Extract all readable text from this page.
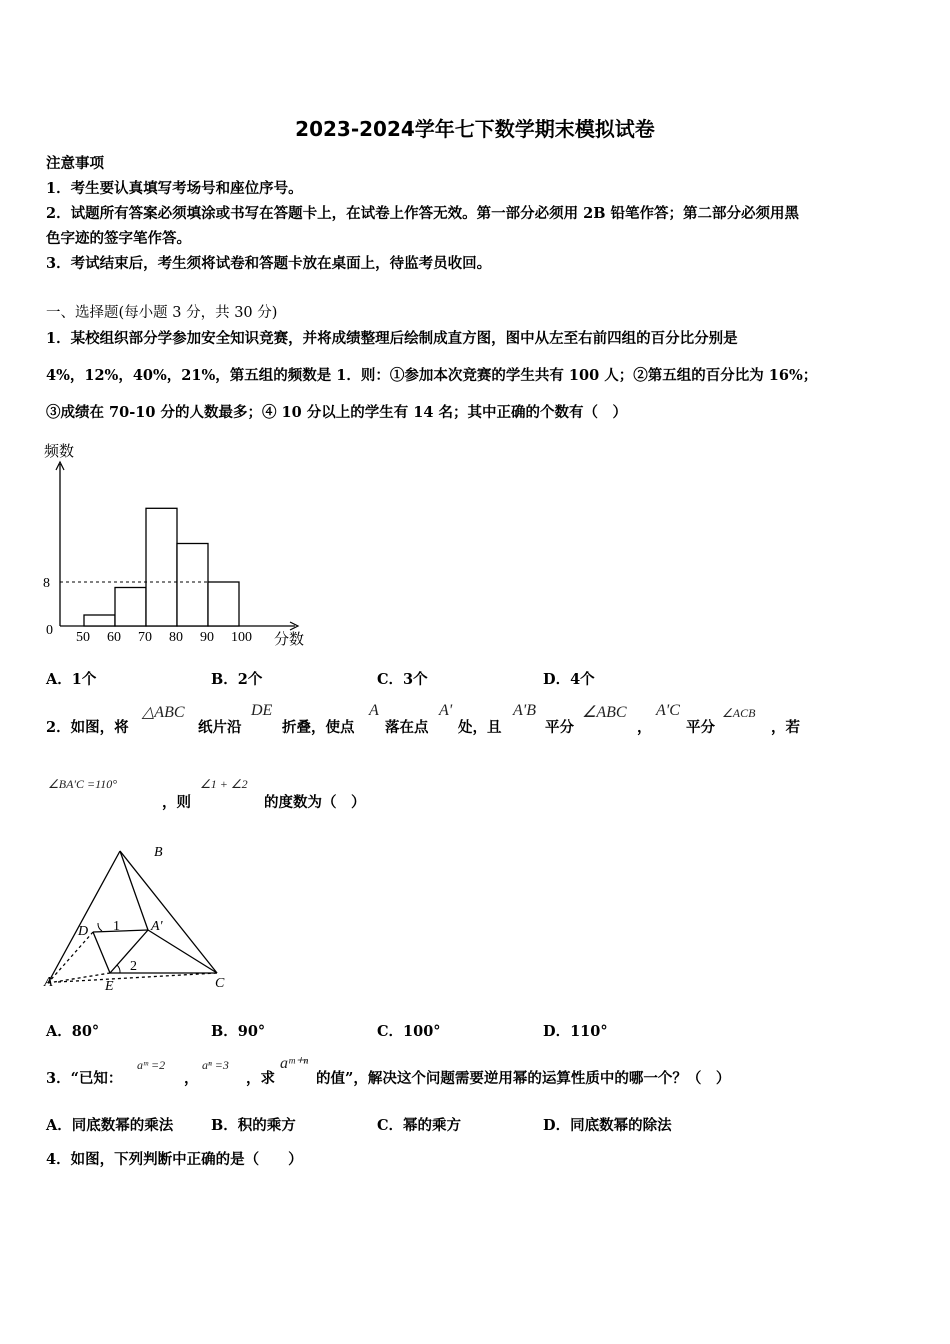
2023-2024学年七下数学期末模拟试卷
注意事项
1．考生要认真填写考场号和座位序号。
2．试题所有答案必须填涂或书写在答题卡上，在试卷上作答无效。第一部分必须用 2B 铅笔作答；第二部分必须用黑
色字迹的签字笔作答。
3．考试结束后，考生须将试卷和答题卡放在桌面上，待监考员收回。
一、选择题(每小题 3 分，共 30 分)
1．某校组织部分学参加安全知识竞赛，并将成绩整理后绘制成直方图，图中从左至右前四组的百分比分别是
4%，12%，40%，21%，第五组的频数是 1．则：①参加本次竞赛的学生共有 100 人；②第五组的百分比为 16%；
③成绩在 70-10 分的人数最多；④ 10 分以上的学生有 14 名；其中正确的个数有（　）
8
0 50 60 70 80 90 100
频数
分数
A．1个	B．2个	C．3个	D．4个
2．如图，将
△ABC
纸片沿
DE
折叠，使点
A
落在点
A'
处，且
A'B
平分
∠ABC
，
A'C
平分
∠ACB
，若
∠BA'C =110°
，则
∠1 + ∠2
的度数为（　）
B
D	A'
A	E	C
1
2
A．80°	B．90°	C．100°	D．110°
3．“已知：
aᵐ =2
，
aⁿ =3
，求
aᵐ⁺ⁿ
的值”，解决这个问题需要逆用幂的运算性质中的哪一个？（　）
A．同底数幂的乘法	B．积的乘方	C．幂的乘方	D．同底数幂的除法
4．如图，下列判断中正确的是（　　）
